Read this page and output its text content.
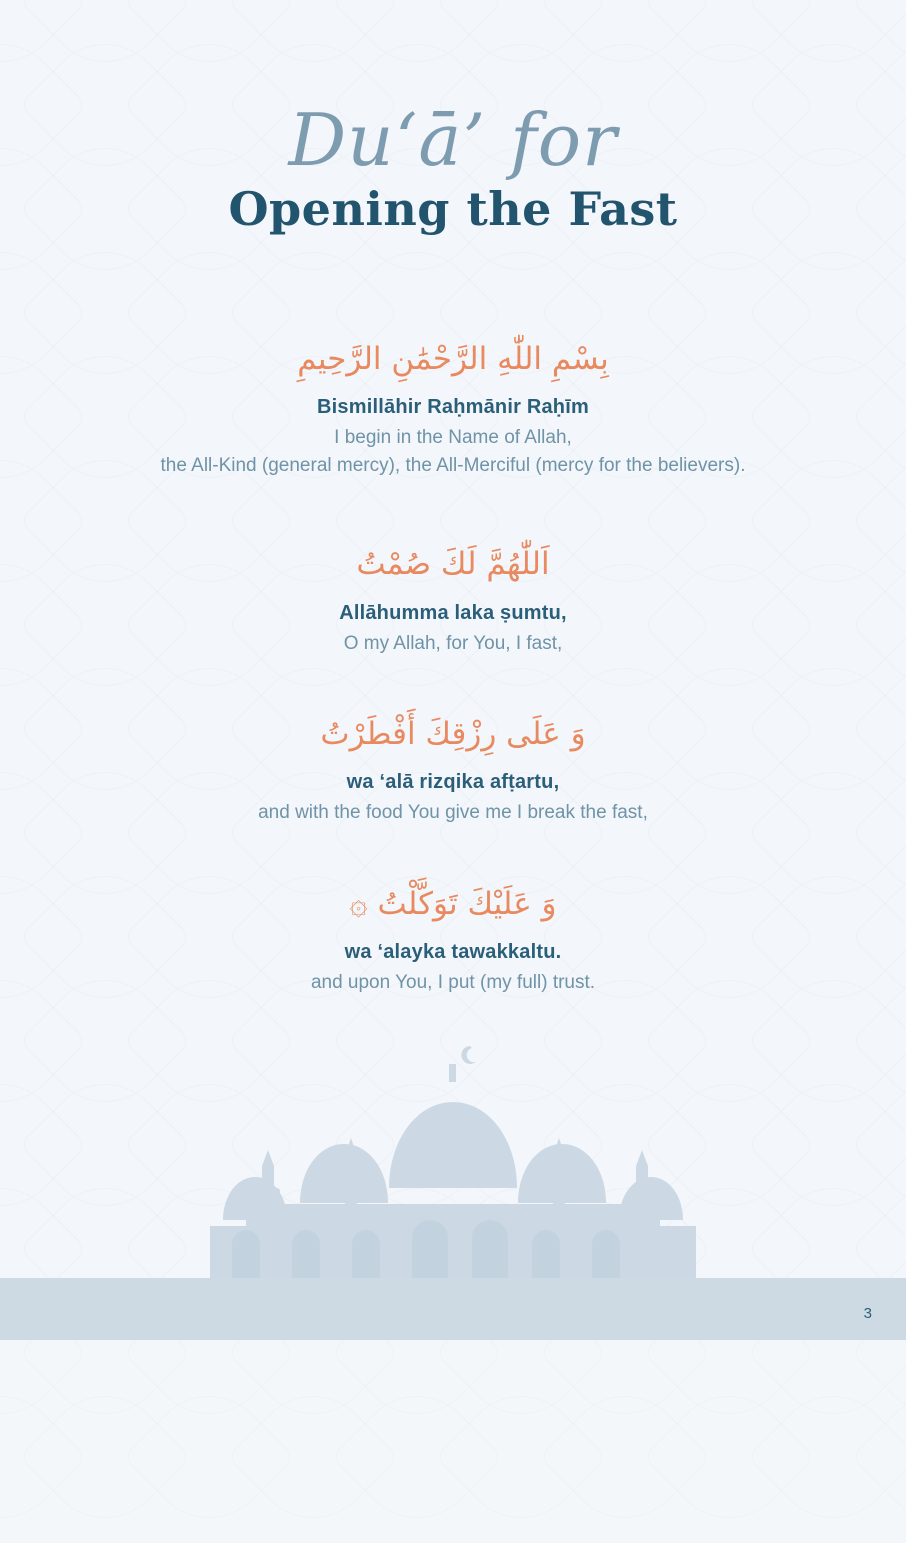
Du‘ā’ for
Opening the Fast
بِسْمِ اللّٰهِ الرَّحْمَٰنِ الرَّحِيمِ
Bismillāhir Raḥmānir Raḥīm
I begin in the Name of Allah,
the All-Kind (general mercy), the All-Merciful (mercy for the believers).
اَللّٰهُمَّ لَكَ صُمْتُ
Allāhumma laka ṣumtu,
O my Allah, for You, I fast,
وَ عَلَى رِزْقِكَ أَفْطَرْتُ
wa ‘alā rizqika afṭartu,
and with the food You give me I break the fast,
وَ عَلَيْكَ تَوَكَّلْتُ ۞
wa ‘alayka tawakkaltu.
and upon You, I put (my full) trust.
3
